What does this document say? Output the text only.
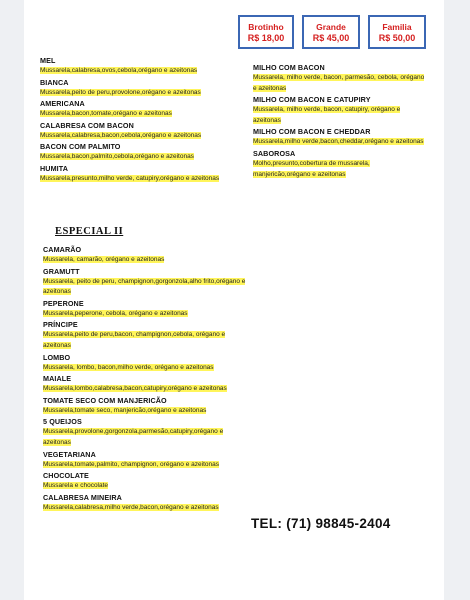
Brotinho
R$ 18,00
Grande
R$ 45,00
Familia
R$ 50,00
MEL
Mussarela,calabresa,ovos,cebola,orégano e azeitonas
BIANCA
Mussarela,peito de peru,provolone,orégano e azeitonas
AMERICANA
Mussarela,bacon,tomate,orégano e azeitonas
CALABRESA COM BACON
Mussarela,calabresa,bacon,cebola,orégano e azeitonas
BACON COM PALMITO
Mussarela,bacon,palmito,cebola,orégano e azeitonas
HUMITA
Mussarela,presunto,milho verde, catupiry,orégano e azeitonas
MILHO COM BACON
Mussarela, milho verde, bacon, parmesão, cebola, orégano e azeitonas
MILHO COM BACON E CATUPIRY
Mussarela, milho verde, bacon, catupiry, orégano e azeitonas
MILHO COM BACON E CHEDDAR
Mussarela,milho verde,bacon,cheddar,orégano e azeitonas
SABOROSA
Molho,presunto,cobertura de mussarela, manjericão,orégano e azeitonas
ESPECIAL II
CAMARÃO
Mussarela, camarão, orégano e azeitonas
GRAMUTT
Mussarela, peito de peru, champignon,gorgonzola,alho frito,orégano e azeitonas
PEPERONE
Mussarela,peperone, cebola, orégano e azeitonas
PRÍNCIPE
Mussarela,peito de peru,bacon, champignon,cebola, orégano e azeitonas
LOMBO
Mussarela, lombo, bacon,milho verde, orégano e azeitonas
MAIALE
Mussarela,lombo,calabresa,bacon,catupiry,orégano e azeitonas
TOMATE SECO COM MANJERICÃO
Mussarela,tomate seco, manjericão,orégano e azeitonas
5 QUEIJOS
Mussarela,provolone,gorgonzola,parmesão,catupiry,orégano e azeitonas
VEGETARIANA
Mussarela,tomate,palmito, champignon, orégano e azeitonas
CHOCOLATE
Mussarela e chocolate
CALABRESA MINEIRA
Mussarela,calabresa,milho verde,bacon,orégano e azeitonas
TEL: (71) 98845-2404
